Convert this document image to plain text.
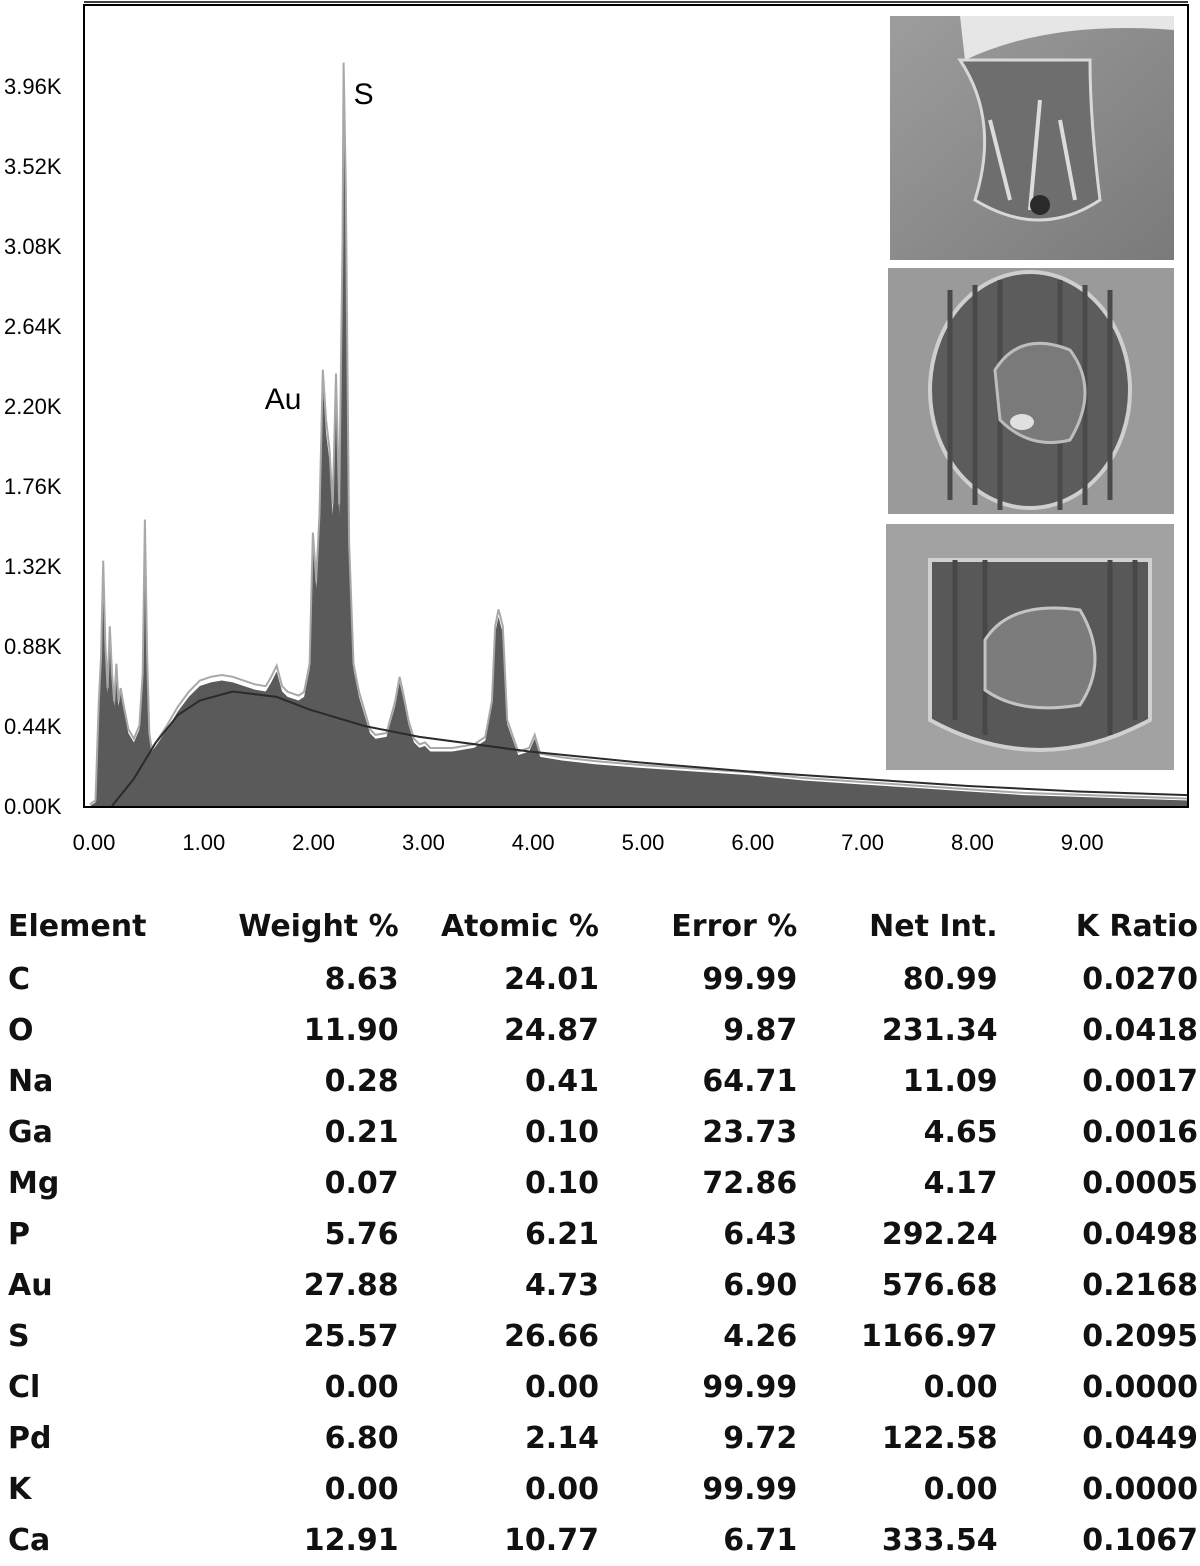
0.00K
0.44K
0.88K
1.32K
1.76K
2.20K
2.64K
3.08K
3.52K
3.96K
0.00	1.00	2.00	3.00	4.00	5.00	6.00	7.00	8.00	9.00
Au
S
Element	Weight %	Atomic %	Error %	Net Int.	K Ratio
C	8.63	24.01	99.99	80.99	0.0270
O	11.90	24.87	9.87	231.34	0.0418
Na	0.28	0.41	64.71	11.09	0.0017
Ga	0.21	0.10	23.73	4.65	0.0016
Mg	0.07	0.10	72.86	4.17	0.0005
P	5.76	6.21	6.43	292.24	0.0498
Au	27.88	4.73	6.90	576.68	0.2168
S	25.57	26.66	4.26	1166.97	0.2095
Cl	0.00	0.00	99.99	0.00	0.0000
Pd	6.80	2.14	9.72	122.58	0.0449
K	0.00	0.00	99.99	0.00	0.0000
Ca	12.91	10.77	6.71	333.54	0.1067
